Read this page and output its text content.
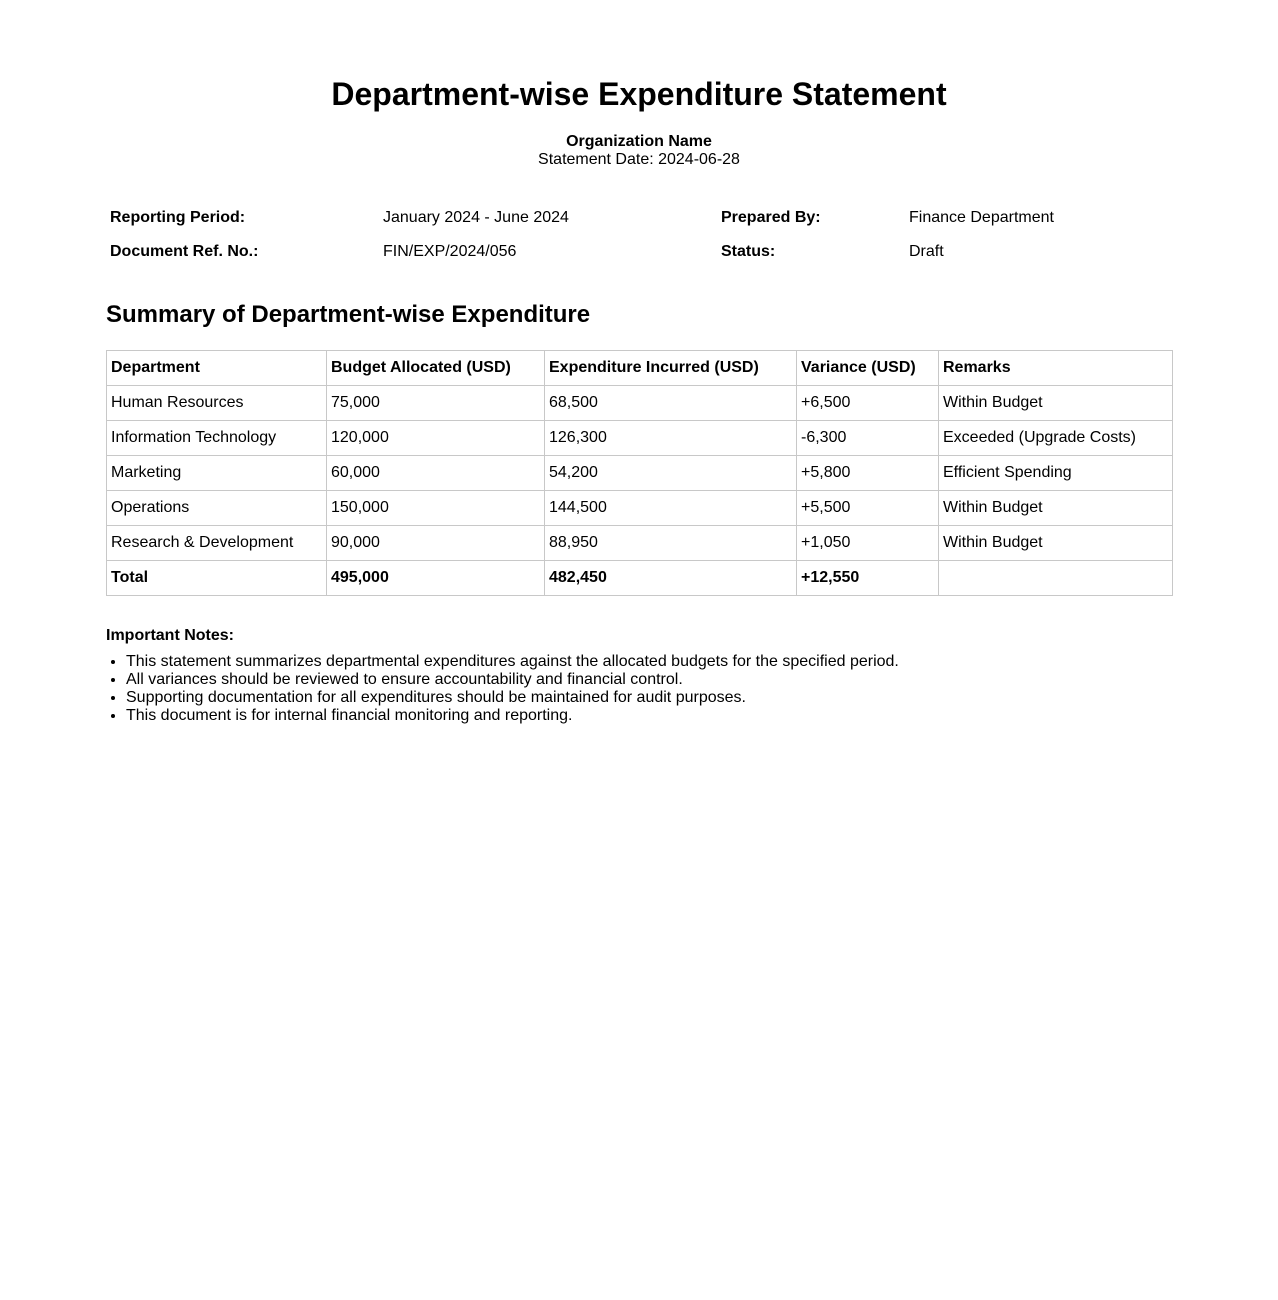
Department-wise Expenditure Statement
Organization Name
Statement Date: 2024-06-28
Reporting Period:	January 2024 - June 2024	Prepared By:	Finance Department
Document Ref. No.:	FIN/EXP/2024/056	Status:	Draft
Summary of Department-wise Expenditure
Department	Budget Allocated (USD)	Expenditure Incurred (USD)	Variance (USD)	Remarks
Human Resources	75,000	68,500	+6,500	Within Budget
Information Technology	120,000	126,300	-6,300	Exceeded (Upgrade Costs)
Marketing	60,000	54,200	+5,800	Efficient Spending
Operations	150,000	144,500	+5,500	Within Budget
Research & Development	90,000	88,950	+1,050	Within Budget
Total	495,000	482,450	+12,550	
Important Notes:
• This statement summarizes departmental expenditures against the allocated budgets for the specified period.
• All variances should be reviewed to ensure accountability and financial control.
• Supporting documentation for all expenditures should be maintained for audit purposes.
• This document is for internal financial monitoring and reporting.
